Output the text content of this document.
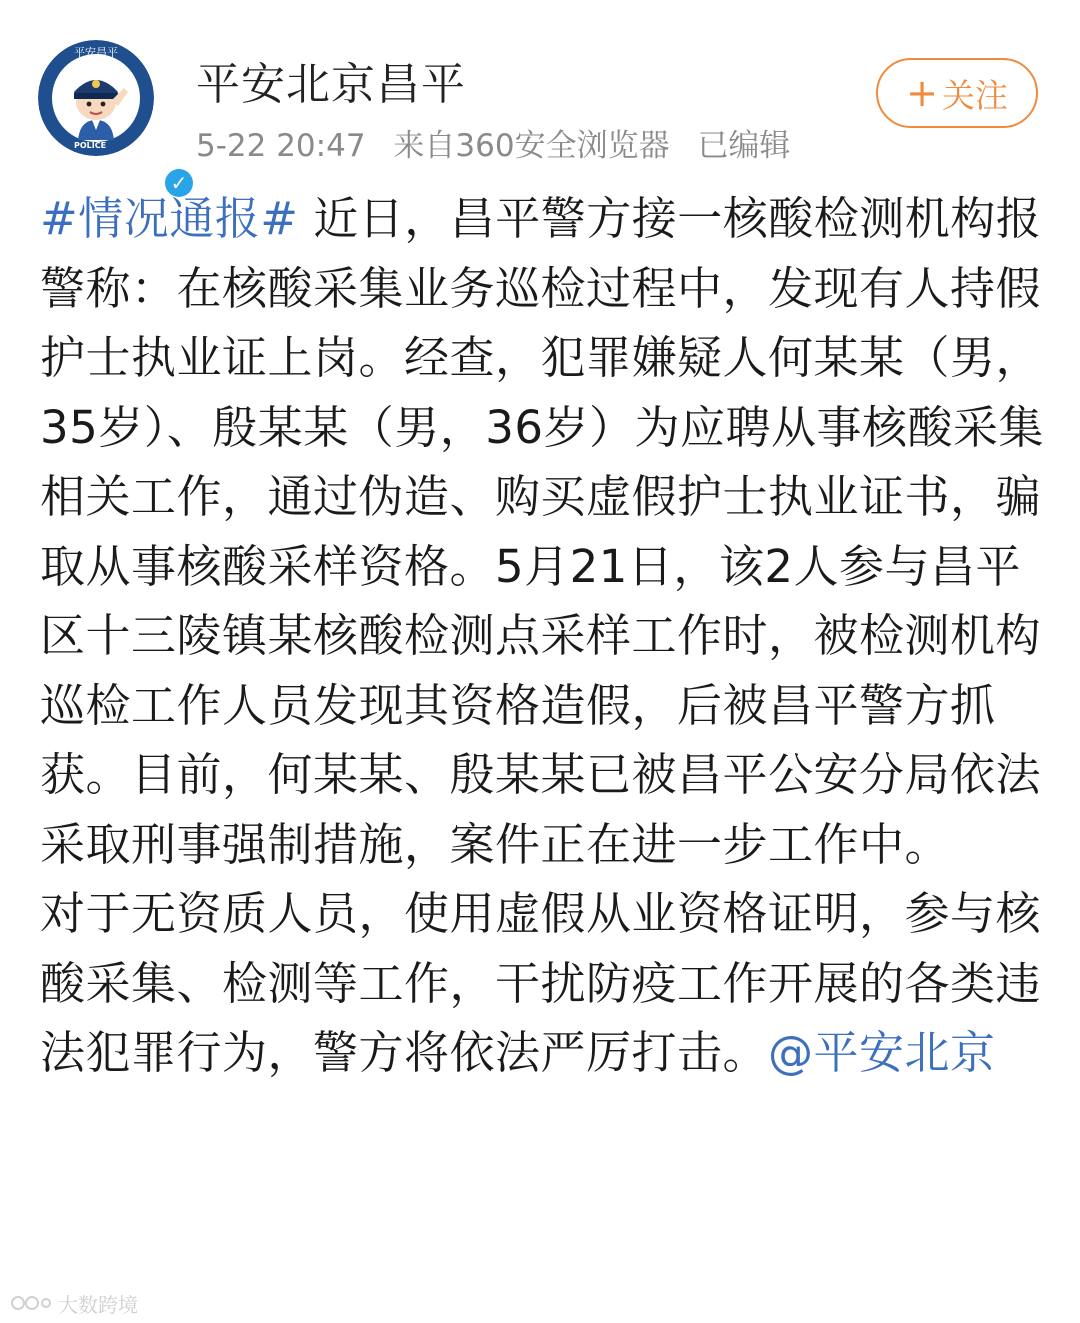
平安昌平
POLICE
✓
平安北京昌平
5-22 20:47 来自360安全浏览器 已编辑
+ 关注

#情况通报# 近日，昌平警方接一核酸检测机构报警称：在核酸采集业务巡检过程中，发现有人持假护士执业证上岗。经查，犯罪嫌疑人何某某（男，35岁）、殷某某（男，36岁）为应聘从事核酸采集相关工作，通过伪造、购买虚假护士执业证书，骗取从事核酸采样资格。5月21日，该2人参与昌平区十三陵镇某核酸检测点采样工作时，被检测机构巡检工作人员发现其资格造假，后被昌平警方抓获。目前，何某某、殷某某已被昌平公安分局依法采取刑事强制措施，案件正在进一步工作中。

对于无资质人员，使用虚假从业资格证明，参与核酸采集、检测等工作，干扰防疫工作开展的各类违法犯罪行为，警方将依法严厉打击。@平安北京

大数跨境
